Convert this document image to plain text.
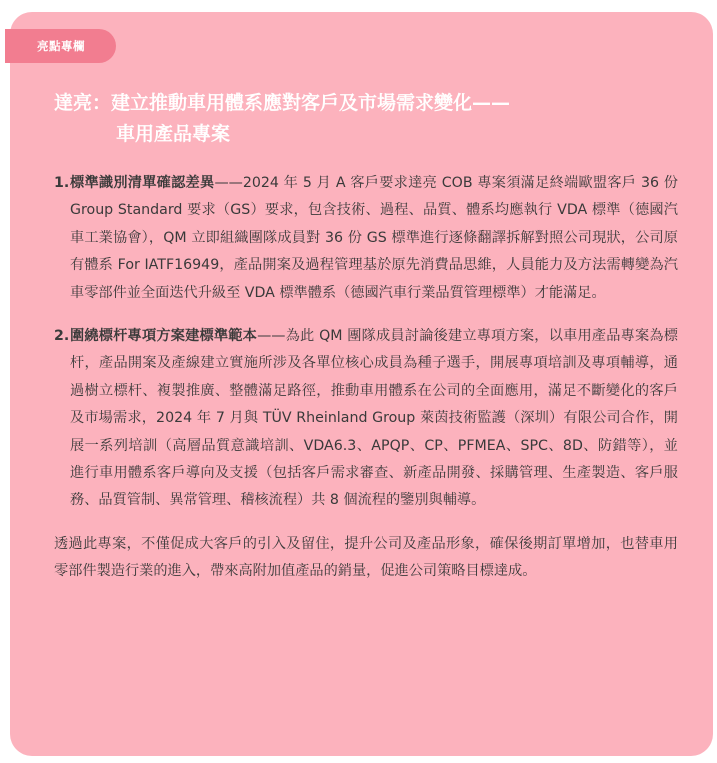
亮點專欄
達亮：建立推動車用體系應對客戶及市場需求變化——
車用產品專案
1. 標準識別清單確認差異——2024 年 5 月 A 客戶要求達亮 COB 專案須滿足終端歐盟客戶 36 份 Group Standard 要求（GS）要求，包含技術、過程、品質、體系均應執行 VDA 標準（德國汽車工業協會），QM 立即組織團隊成員對 36 份 GS 標準進行逐條翻譯拆解對照公司現狀，公司原有體系 For IATF16949，產品開案及過程管理基於原先消費品思維，人員能力及方法需轉變為汽車零部件並全面迭代升級至 VDA 標準體系（德國汽車行業品質管理標準）才能滿足。
2. 圍繞標杆專項方案建標準範本——為此 QM 團隊成員討論後建立專項方案，以車用產品專案為標杆，產品開案及產線建立實施所涉及各單位核心成員為種子選手，開展專項培訓及專項輔導，通過樹立標杆、複製推廣、整體滿足路徑，推動車用體系在公司的全面應用，滿足不斷變化的客戶及市場需求，2024 年 7 月與 TÜV Rheinland Group 萊茵技術監護（深圳）有限公司合作，開展一系列培訓（高層品質意識培訓、VDA6.3、APQP、CP、PFMEA、SPC、8D、防錯等），並進行車用體系客戶導向及支援（包括客戶需求審查、新產品開發、採購管理、生產製造、客戶服務、品質管制、異常管理、稽核流程）共 8 個流程的鑒別與輔導。
透過此專案，不僅促成大客戶的引入及留住，提升公司及產品形象，確保後期訂單增加，也替車用零部件製造行業的進入，帶來高附加值產品的銷量，促進公司策略目標達成。
